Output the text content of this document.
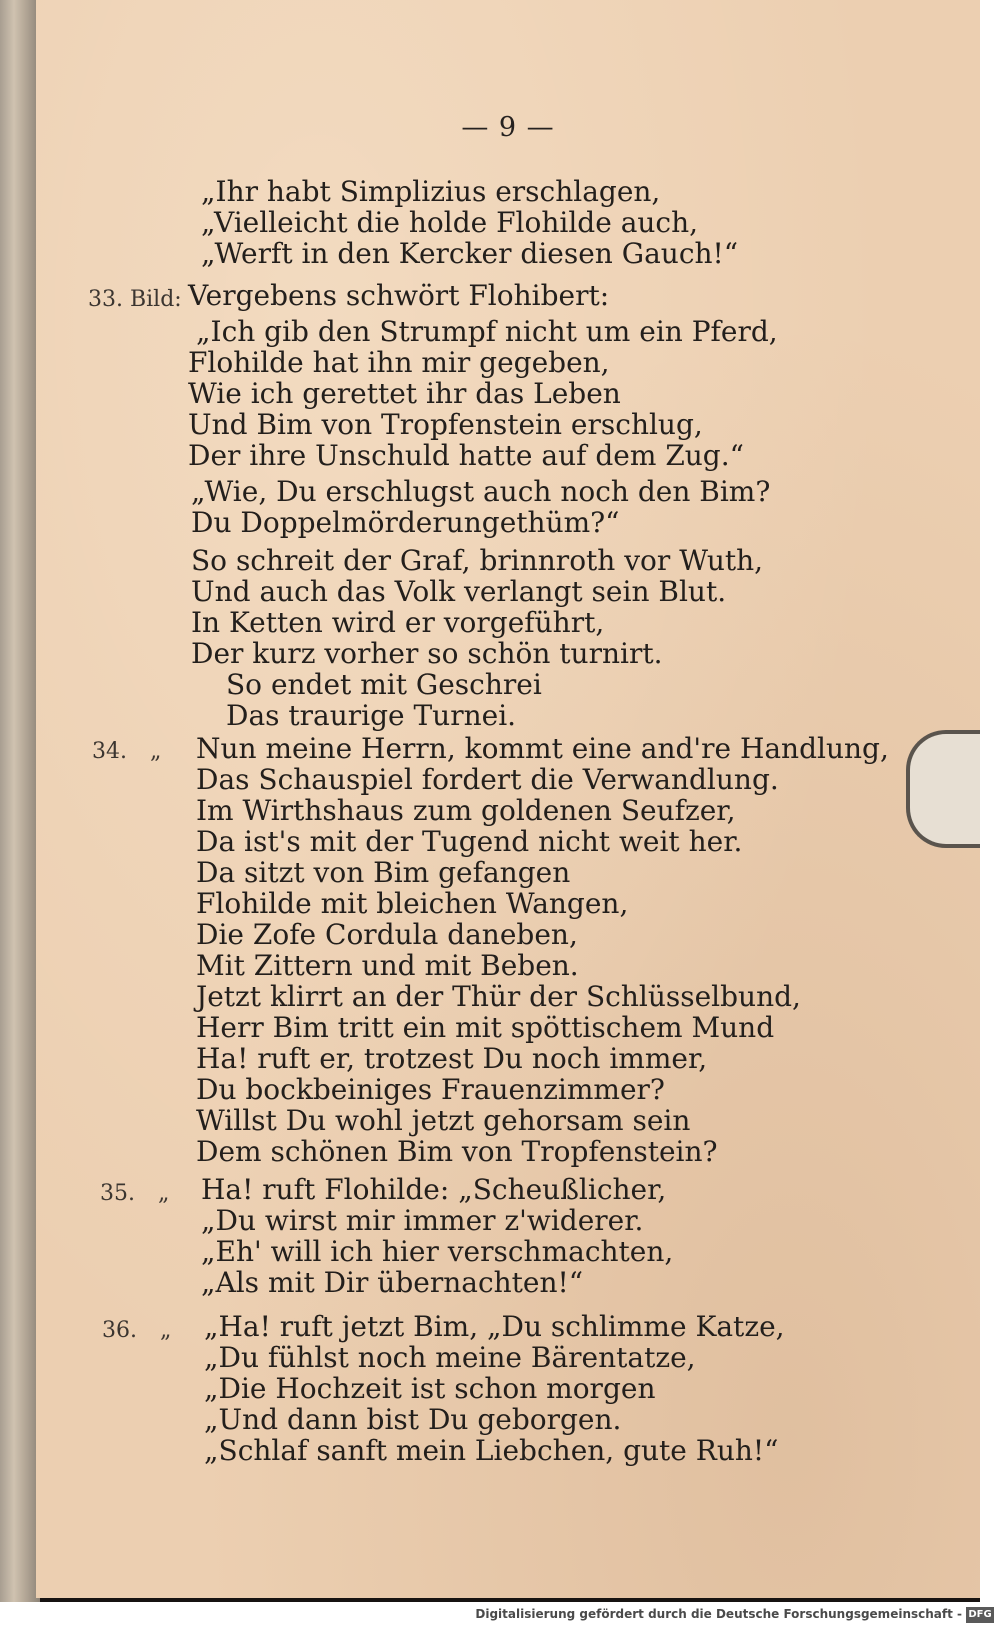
— 9 —
„Ihr habt Simplizius erschlagen,
„Vielleicht die holde Flohilde auch,
„Werft in den Kercker diesen Gauch!“
33. Bild: Vergebens schwört Flohibert:
„Ich gib den Strumpf nicht um ein Pferd,
Flohilde hat ihn mir gegeben,
Wie ich gerettet ihr das Leben
Und Bim von Tropfenstein erschlug,
Der ihre Unschuld hatte auf dem Zug.“
„Wie, Du erschlugst auch noch den Bim?
Du Doppelmörderungethüm?“
So schreit der Graf, brinnroth vor Wuth,
Und auch das Volk verlangt sein Blut.
In Ketten wird er vorgeführt,
Der kurz vorher so schön turnirt.
So endet mit Geschrei
Das traurige Turnei.
34. „ Nun meine Herrn, kommt eine and're Handlung,
Das Schauspiel fordert die Verwandlung.
Im Wirthshaus zum goldenen Seufzer,
Da ist's mit der Tugend nicht weit her.
Da sitzt von Bim gefangen
Flohilde mit bleichen Wangen,
Die Zofe Cordula daneben,
Mit Zittern und mit Beben.
Jetzt klirrt an der Thür der Schlüsselbund,
Herr Bim tritt ein mit spöttischem Mund
Ha! ruft er, trotzest Du noch immer,
Du bockbeiniges Frauenzimmer?
Willst Du wohl jetzt gehorsam sein
Dem schönen Bim von Tropfenstein?
35. „ Ha! ruft Flohilde: „Scheußlicher,
„Du wirst mir immer z'widerer.
„Eh' will ich hier verschmachten,
„Als mit Dir übernachten!“
36. „ „Ha! ruft jetzt Bim, „Du schlimme Katze,
„Du fühlst noch meine Bärentatze,
„Die Hochzeit ist schon morgen
„Und dann bist Du geborgen.
„Schlaf sanft mein Liebchen, gute Ruh!“
Digitalisierung gefördert durch die Deutsche Forschungsgemeinschaft - DFG
